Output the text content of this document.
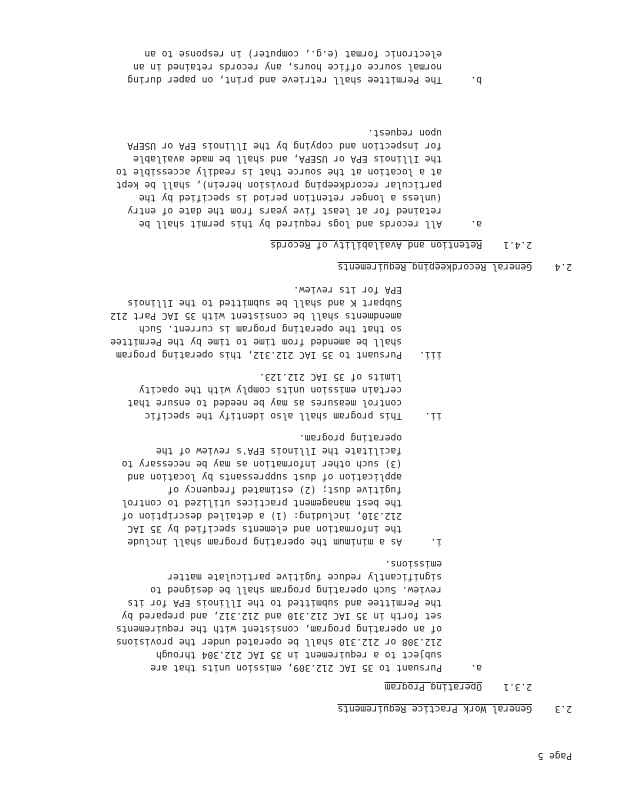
Page 5
2.3
General Work Practice Requirements
2.3.1
Operating Program
a.
Pursuant to 35 IAC 212.309, emission units that are
subject to a requirement in 35 IAC 212.304 through
212.308 or 212.310 shall be operated under the provisions
of an operating program, consistent with the requirements
set forth in 35 IAC 212.310 and 212.312, and prepared by
the Permittee and submitted to the Illinois EPA for its
review. Such operating program shall be designed to
significantly reduce fugitive particulate matter
emissions.
i.
As a minimum the operating program shall include
the information and elements specified by 35 IAC
212.310, including: (1) a detailed description of
the best management practices utilized to control
fugitive dust; (2) estimated frequency of
application of dust suppressants by location and
(3) such other information as may be necessary to
facilitate the Illinois EPA's review of the
operating program.
ii.
This program shall also identify the specific
control measures as may be needed to ensure that
certain emission units comply with the opacity
limits of 35 IAC 212.123.
iii.
Pursuant to 35 IAC 212.312, this operating program
shall be amended from time to time by the Permittee
so that the operating program is current. Such
amendments shall be consistent with 35 IAC Part 212
Subpart K and shall be submitted to the Illinois
EPA for its review.
2.4
General Recordkeeping Requirements
2.4.1
Retention and Availability of Records
a.
All records and logs required by this permit shall be
retained for at least five years from the date of entry
(unless a longer retention period is specified by the
particular recordkeeping provision herein), shall be kept
at a location at the source that is readily accessible to
the Illinois EPA or USEPA, and shall be made available
for inspection and copying by the Illinois EPA or USEPA
upon request.
b.
The Permittee shall retrieve and print, on paper during
normal source office hours, any records retained in an
electronic format (e.g., computer) in response to an
